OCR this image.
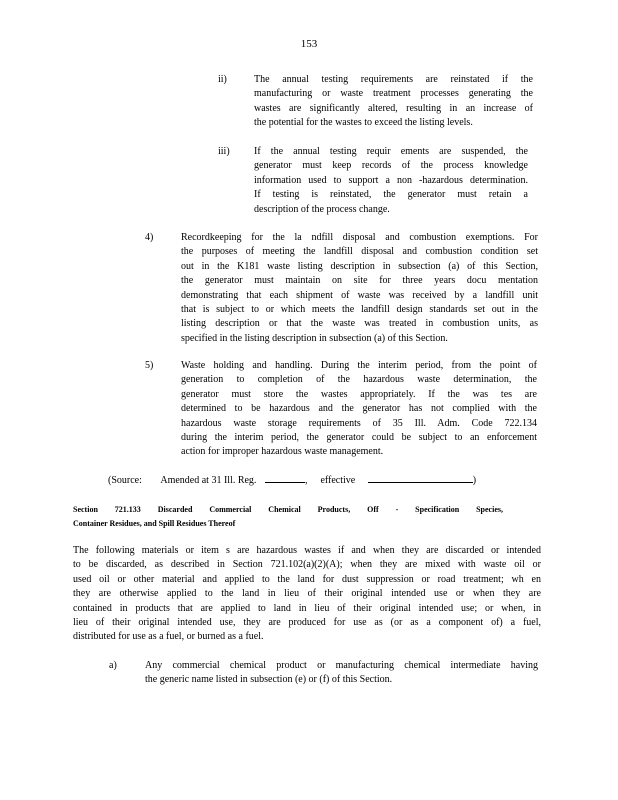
153
ii)	The annual testing requirements are reinstated if the
manufacturing or waste treatment processes generating the
wastes are significantly altered, resulting in an increase of
the potential for the wastes to exceed the listing levels.
iii) If the annual testing requir ements are suspended, the
generator must keep records of the process knowledge
information used to support a non -hazardous determination.
If testing is reinstated, the generator must retain a
description of the process change.
4)	Recordkeeping for the la ndfill disposal and combustion exemptions. For
the purposes of meeting the landfill disposal and combustion condition set
out in the K181 waste listing description in subsection (a) of this Section,
the generator must maintain on site for three years docu mentation
demonstrating that each shipment of waste was received by a landfill unit
that is subject to or which meets the landfill design standards set out in the
listing description or that the waste was treated in combustion units, as
specified in the listing description in subsection (a) of this Section.
5)	Waste holding and handling. During the interim period, from the point of
generation to completion of the hazardous waste determination, the
generator must store the wastes appropriately. If the was tes are
determined to be hazardous and the generator has not complied with the
hazardous waste storage requirements of 35 Ill. Adm. Code 722.134
during the interim period, the generator could be subject to an enforcement
action for improper hazardous waste management.
(Source: Amended at 31 Ill. Reg.	, effective	)
Section 721.133 Discarded Commercial Chemical Products, Off - Specification Species,
Container Residues, and Spill Residues Thereof
The following materials or item s are hazardous wastes if and when they are discarded or intended
to be discarded, as described in Section 721.102(a)(2)(A); when they are mixed with waste oil or
used oil or other material and applied to the land for dust suppression or road treatment; wh en
they are otherwise applied to the land in lieu of their original intended use or when they are
contained in products that are applied to land in lieu of their original intended use; or when, in
lieu of their original intended use, they are produced for use as (or as a component of) a fuel,
distributed for use as a fuel, or burned as a fuel.
a)	Any commercial chemical product or manufacturing chemical intermediate having
the generic name listed in subsection (e) or (f) of this Section.
